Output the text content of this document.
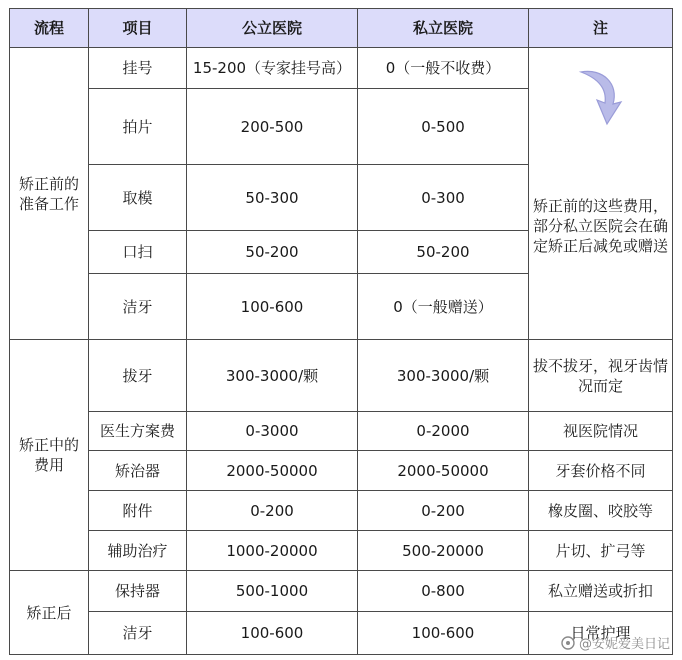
流程	项目	公立医院	私立医院	注
矫正前的准备工作	挂号	15-200（专家挂号高）	0（一般不收费）	矫正前的这些费用，部分私立医院会在确定矫正后减免或赠送

	拍片	200-500	0-500	
	取模	50-300	0-300	
	口扫	50-200	50-200	
	洁牙	100-600	0（一般赠送）	
矫正中的费用	拔牙	300-3000/颗	300-3000/颗	拔不拔牙，视牙齿情况而定
	医生方案费	0-3000	0-2000	视医院情况
	矫治器	2000-50000	2000-50000	牙套价格不同
	附件	0-200	0-200	橡皮圈、咬胶等
	辅助治疗	1000-20000	500-20000	片切、扩弓等
矫正后	保持器	500-1000	0-800	私立赠送或折扣
	洁牙	100-600	100-600	日常护理
@安妮爱美日记
